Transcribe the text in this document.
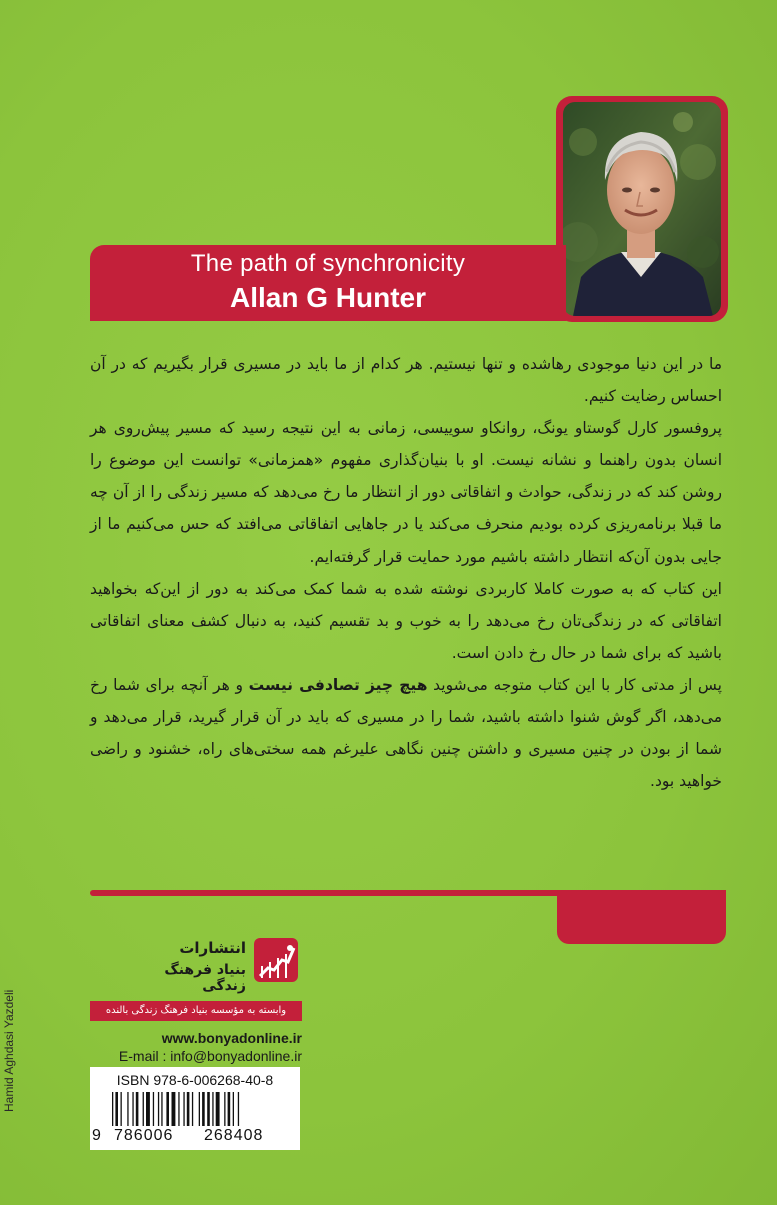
The path of synchronicity
Allan G Hunter

ما در این دنیا موجودی رهاشده و تنها نیستیم. هر کدام از ما باید در مسیری قرار بگیریم که در آن احساس رضایت کنیم.

پروفسور کارل گوستاو یونگ، روانکاو سوییسی، زمانی به این نتیجه رسید که مسیر پیش‌روی هر انسان بدون راهنما و نشانه نیست. او با بنیان‌گذاری مفهوم «همزمانی» توانست این موضوع را روشن کند که در زندگی، حوادث و اتفاقاتی دور از انتظار ما رخ می‌دهد که مسیر زندگی را از آن چه ما قبلا برنامه‌ریزی کرده بودیم منحرف می‌کند یا در جاهایی اتفاقاتی می‌افتد که حس می‌کنیم ما از جایی بدون آن‌که انتظار داشته باشیم مورد حمایت قرار گرفته‌ایم.

این کتاب که به صورت کاملا کاربردی نوشته شده به شما کمک می‌کند به دور از این‌که بخواهید اتفاقاتی که در زندگی‌تان رخ می‌دهد را به خوب و بد تقسیم کنید، به دنبال کشف معنای اتفاقاتی باشید که برای شما در حال رخ دادن است.

پس از مدتی کار با این کتاب متوجه می‌شوید هیچ چیز تصادفی نیست و هر آنچه برای شما رخ می‌دهد، اگر گوش شنوا داشته باشید، شما را در مسیری که باید در آن قرار گیرید، قرار می‌دهد و شما از بودن در چنین مسیری و داشتن چنین نگاهی علیرغم همه سختی‌های راه، خشنود و راضی خواهید بود.

انتشارات
بنیاد فرهنگ زندگی
وابسته به مؤسسه بنیاد فرهنگ زندگی بالنده
www.bonyadonline.ir
E-mail : info@bonyadonline.ir
ISBN 978-6-006268-40-8
9 786006 268408
Hamid Aghdasi Yazdeli
